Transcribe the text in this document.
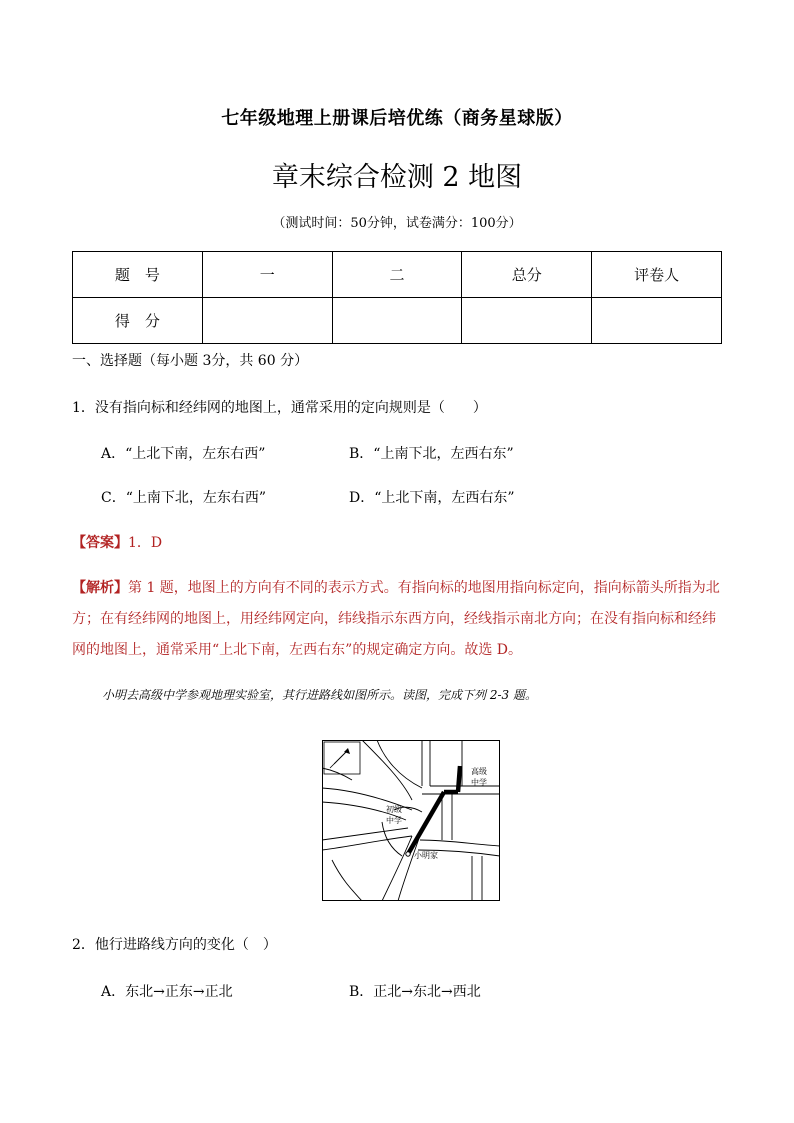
七年级地理上册课后培优练（商务星球版）
章末综合检测 2 地图
（测试时间：50分钟，试卷满分：100分）
题　号	一	二	总分	评卷人
得　分				
一、选择题（每小题 3分，共 60 分）
1．没有指向标和经纬网的地图上，通常采用的定向规则是（　　）
A．“上北下南，左东右西”	B．“上南下北，左西右东”
C．“上南下北，左东右西”	D．“上北下南，左西右东”
【答案】1．D
【解析】第 1 题，地图上的方向有不同的表示方式。有指向标的地图用指向标定向，指向标箭头所指为北方；在有经纬网的地图上，用经纬网定向，纬线指示东西方向，经线指示南北方向；在没有指向标和经纬网的地图上，通常采用“上北下南，左西右东”的规定确定方向。故选 D。
小明去高级中学参观地理实验室，其行进路线如图所示。读图，完成下列 2-3 题。
高级
中学
初级
中学
小明家
2．他行进路线方向的变化（　）
A．东北→正东→正北	B．正北→东北→西北
